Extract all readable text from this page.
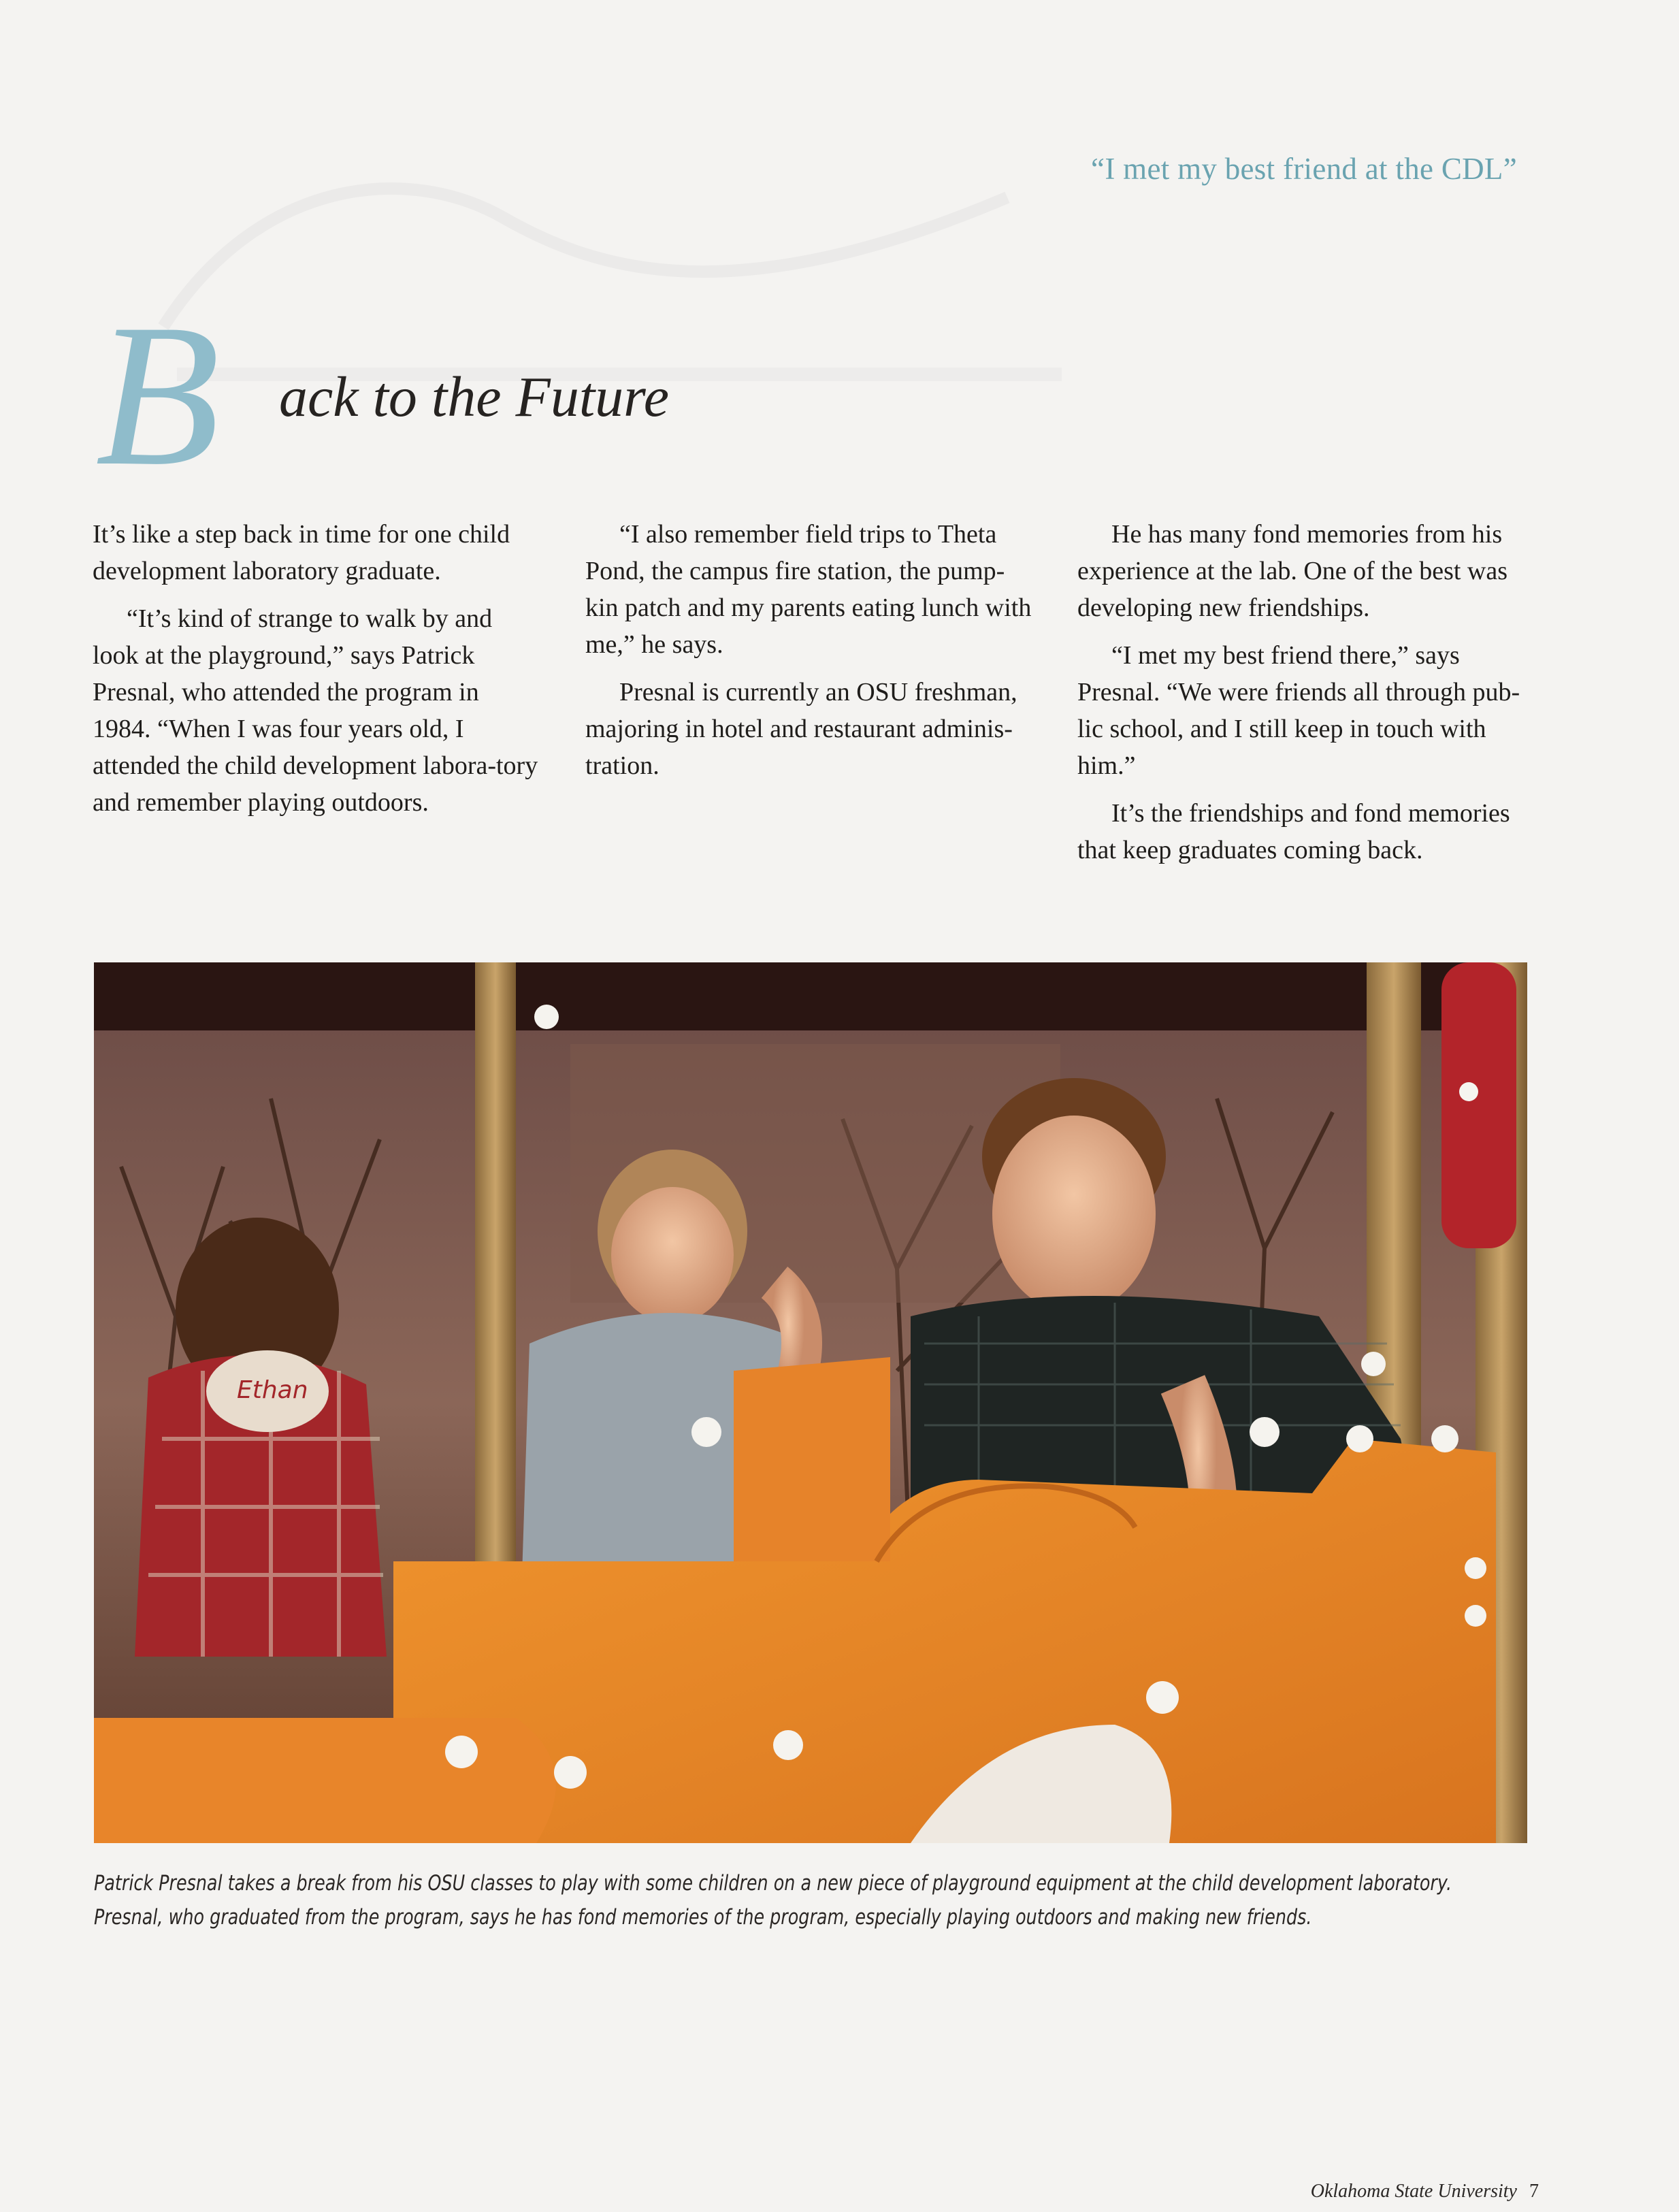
“I met my best friend at the CDL”
B ack to the Future

It’s like a step back in time for one child development laboratory graduate.

“It’s kind of strange to walk by and look at the playground,” says Patrick Presnal, who attended the program in 1984. “When I was four years old, I attended the child development labora-tory and remember playing outdoors.

“I also remember field trips to Theta Pond, the campus fire station, the pump-kin patch and my parents eating lunch with me,” he says.

Presnal is currently an OSU freshman, majoring in hotel and restaurant adminis-tration.

He has many fond memories from his experience at the lab. One of the best was developing new friendships.

“I met my best friend there,” says Presnal. “We were friends all through pub-lic school, and I still keep in touch with him.”

It’s the friendships and fond memories that keep graduates coming back.

Ethan
Patrick Presnal takes a break from his OSU classes to play with some children on a new piece of playground equipment at the child development laboratory. Presnal, who graduated from the program, says he has fond memories of the program, especially playing outdoors and making new friends.
Oklahoma State University 7
